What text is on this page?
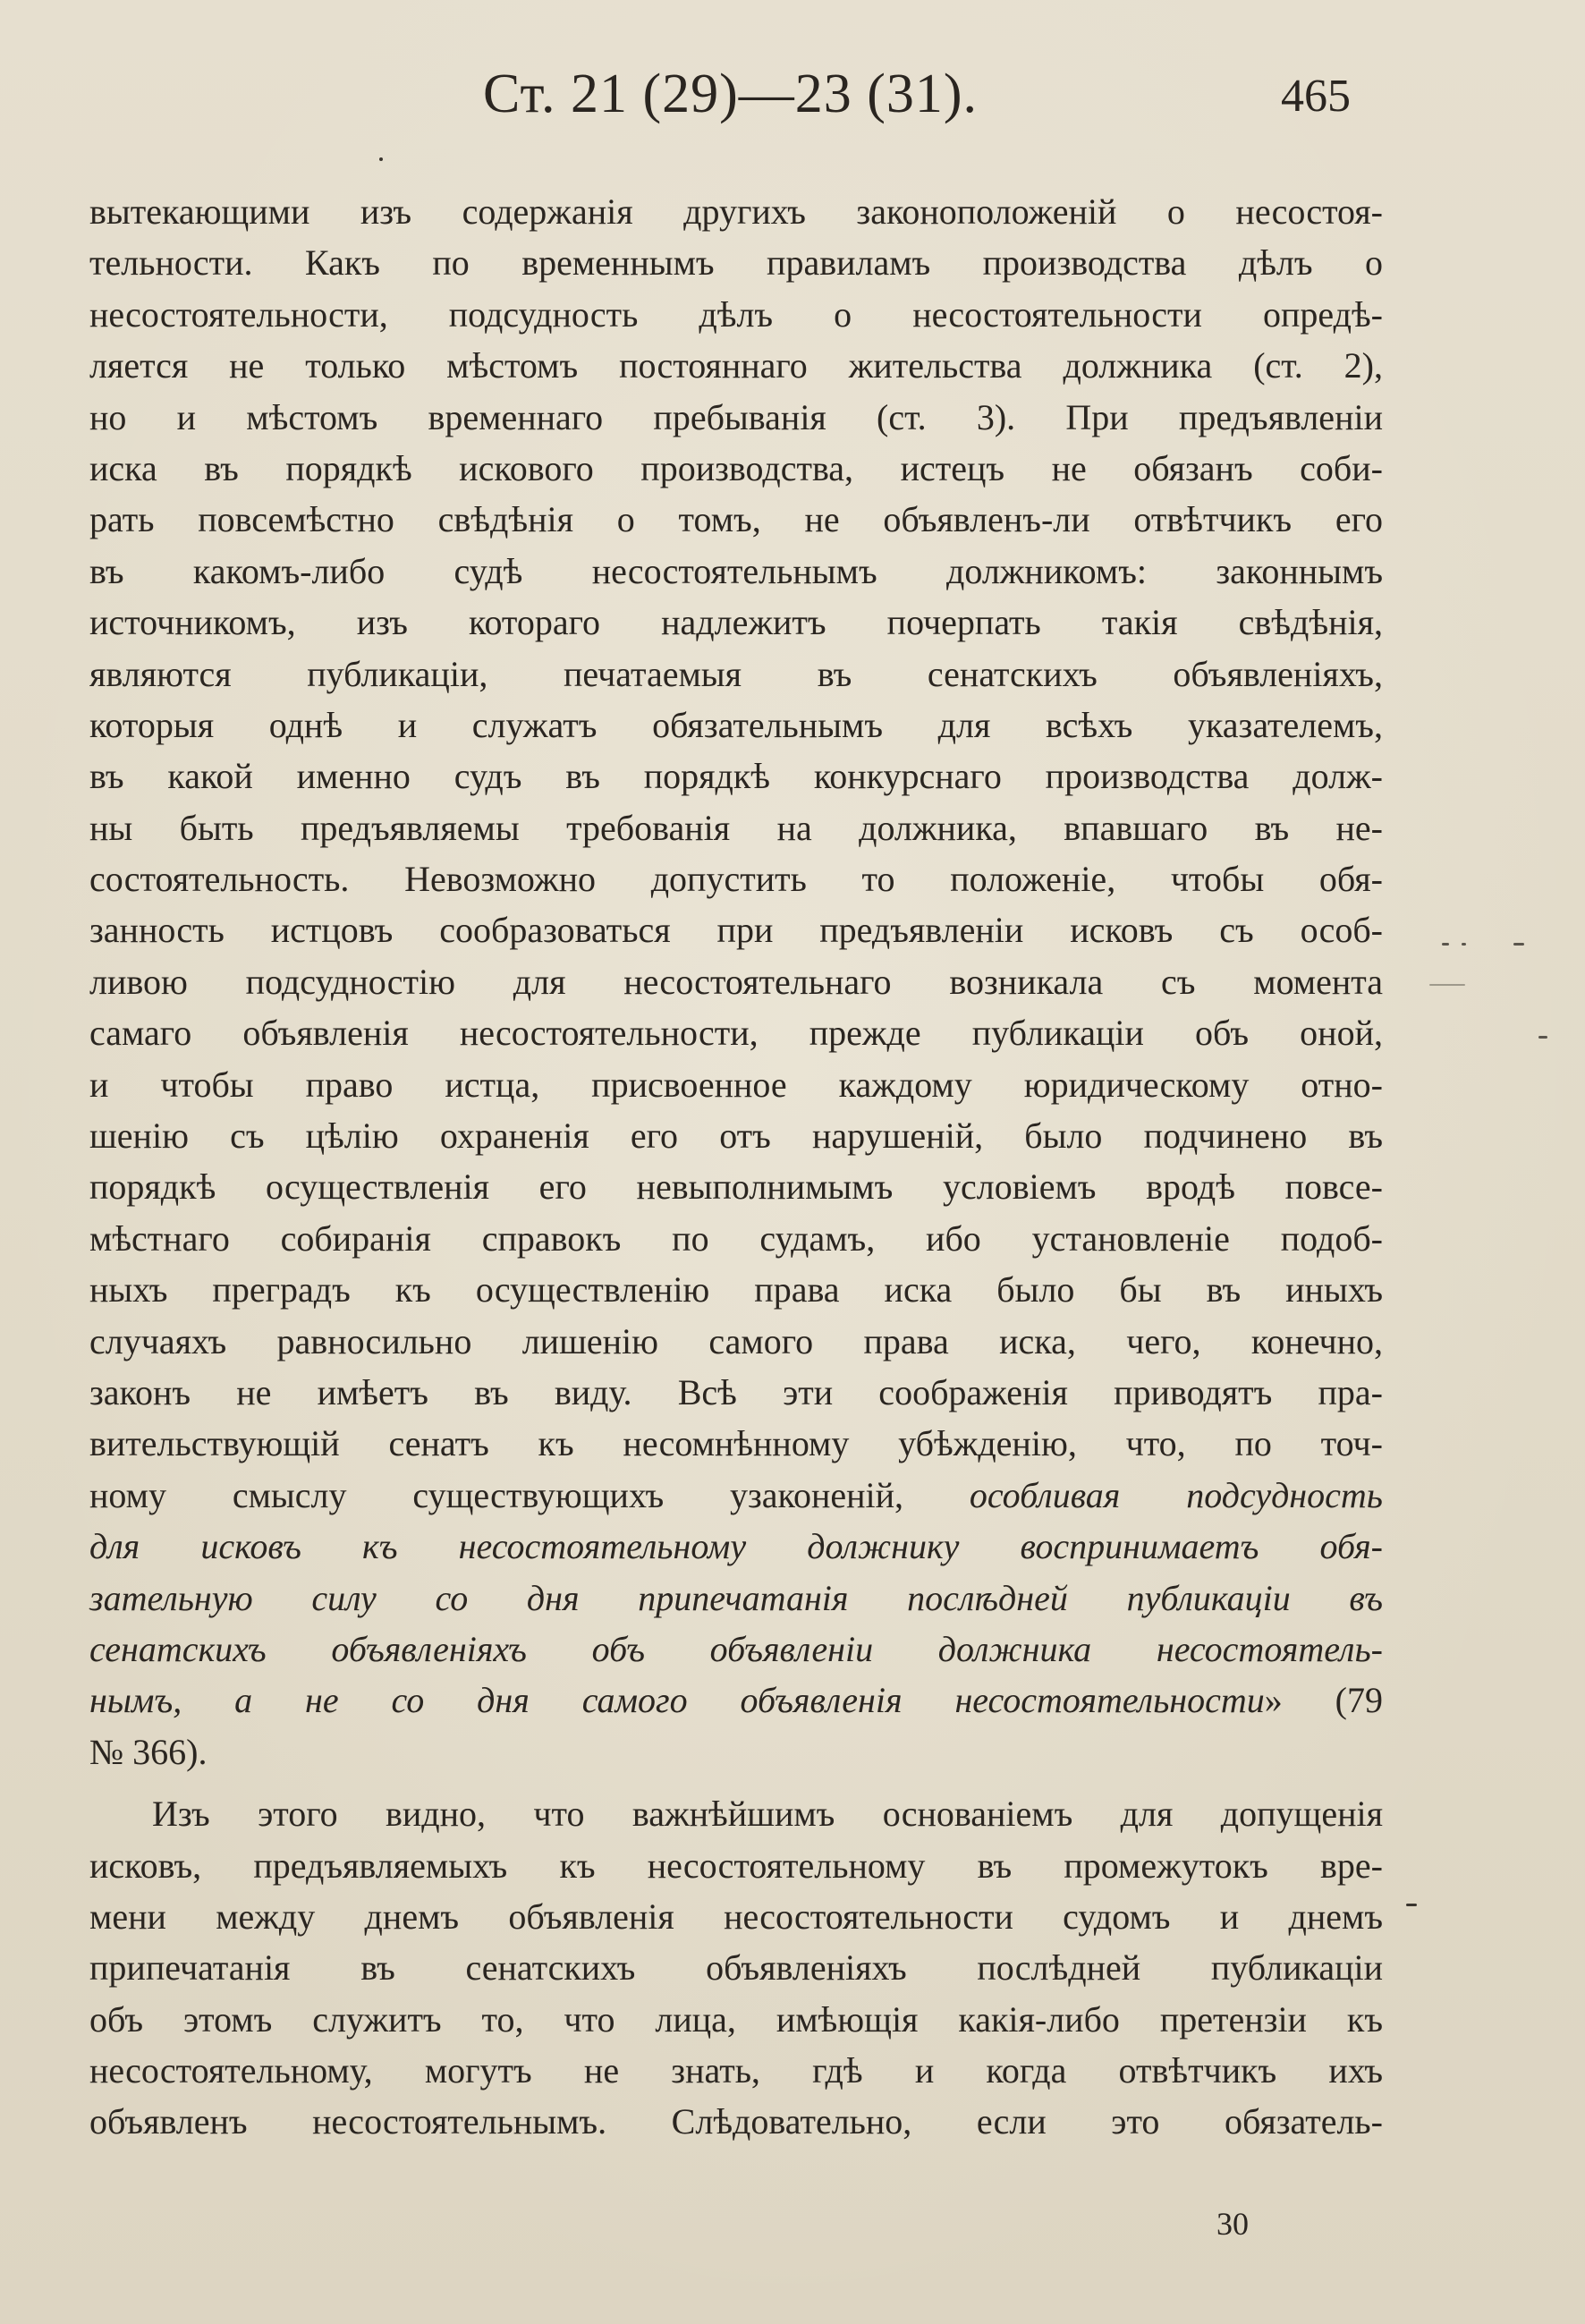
Ст. 21 (29)—23 (31).	465
вытекающими изъ содержанія другихъ законоположеній о несостоя-
тельности. Какъ по временнымъ правиламъ производства дѣлъ о
несостоятельности, подсудность дѣлъ о несостоятельности опредѣ-
ляется не только мѣстомъ постояннаго жительства должника (ст. 2),
но и мѣстомъ временнаго пребыванія (ст. 3). При предъявленіи
иска въ порядкѣ искового производства, истецъ не обязанъ соби-
рать повсемѣстно свѣдѣнія о томъ, не объявленъ-ли отвѣтчикъ его
въ какомъ-либо судѣ несостоятельнымъ должникомъ: законнымъ
источникомъ, изъ котораго надлежитъ почерпать такія свѣдѣнія,
являются публикаціи, печатаемыя въ сенатскихъ объявленіяхъ,
которыя однѣ и служатъ обязательнымъ для всѣхъ указателемъ,
въ какой именно судъ въ порядкѣ конкурснаго производства долж-
ны быть предъявляемы требованія на должника, впавшаго въ не-
состоятельность. Невозможно допустить то положеніе, чтобы обя-
занность истцовъ сообразоваться при предъявленіи исковъ съ особ-
ливою подсудностію для несостоятельнаго возникала съ момента
самаго объявленія несостоятельности, прежде публикаціи объ оной,
и чтобы право истца, присвоенное каждому юридическому отно-
шенію съ цѣлію охраненія его отъ нарушеній, было подчинено въ
порядкѣ осуществленія его невыполнимымъ условіемъ вродѣ повсе-
мѣстнаго собиранія справокъ по судамъ, ибо установленіе подоб-
ныхъ преградъ къ осуществленію права иска было бы въ иныхъ
случаяхъ равносильно лишенію самого права иска, чего, конечно,
законъ не имѣетъ въ виду. Всѣ эти соображенія приводятъ пра-
вительствующій сенатъ къ несомнѣнному убѣжденію, что, по точ-
ному смыслу существующихъ узаконеній, особливая подсудность
для исковъ къ несостоятельному должнику воспринимаетъ обя-
зательную силу со дня припечатанія послѣдней публикаціи въ
сенатскихъ объявленіяхъ объ объявленіи должника несостоятель-
нымъ, а не со дня самого объявленія несостоятельности» (79
№ 366).
Изъ этого видно, что важнѣйшимъ основаніемъ для допущенія
исковъ, предъявляемыхъ къ несостоятельному въ промежутокъ вре-
мени между днемъ объявленія несостоятельности судомъ и днемъ
припечатанія въ сенатскихъ объявленіяхъ послѣдней публикаціи
объ этомъ служитъ то, что лица, имѣющія какія-либо претензіи къ
несостоятельному, могутъ не знать, гдѣ и когда отвѣтчикъ ихъ
объявленъ несостоятельнымъ. Слѣдовательно, если это обязатель-
30
